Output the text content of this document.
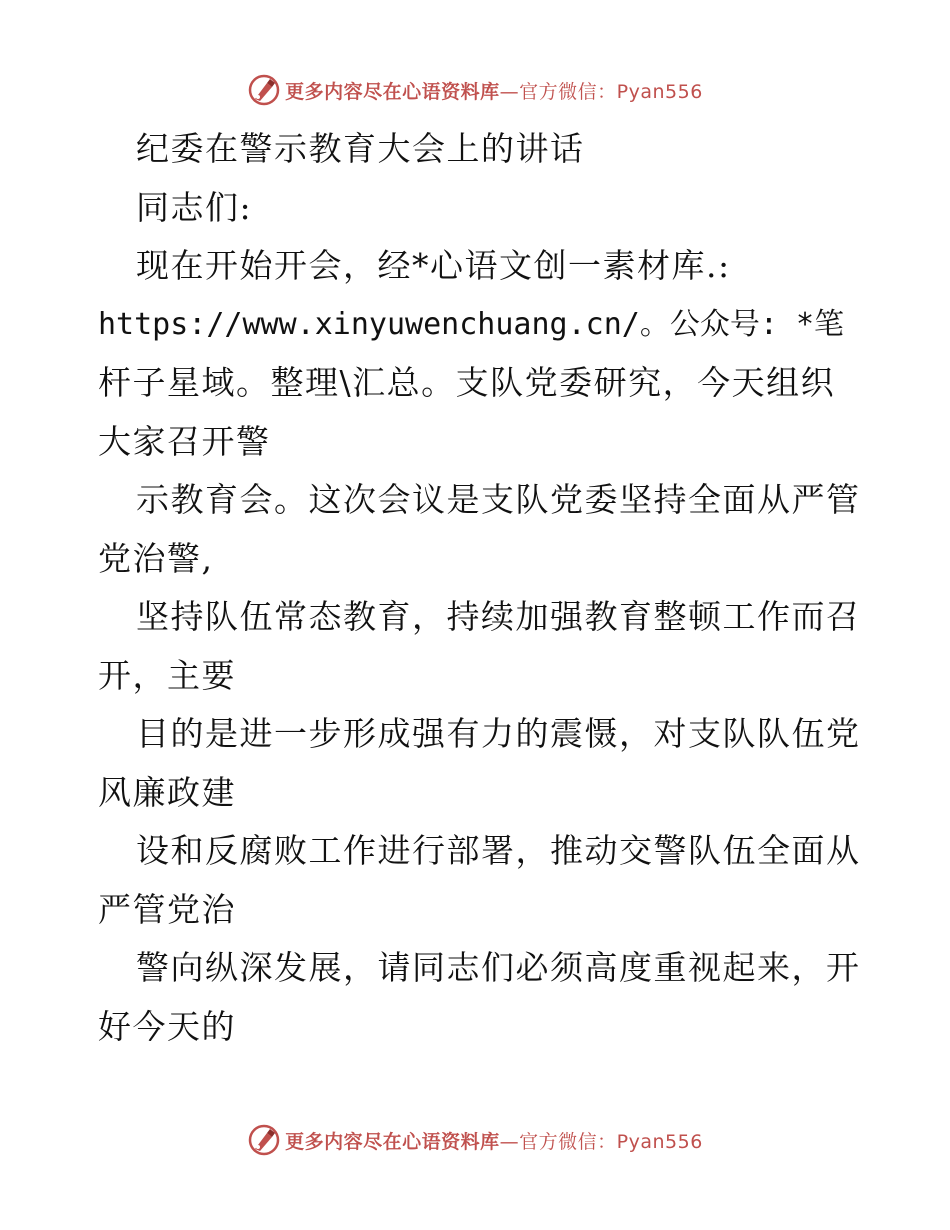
更多内容尽在心语资料库—官方微信：Pyan556
纪委在警示教育大会上的讲话
同志们:
现在开始开会，经*心语文创一素材库.:
https://www.xinyuwenchuang.cn/。公众号: *笔
杆子星域。整理\汇总。支队党委研究，今天组织
大家召开警
示教育会。这次会议是支队党委坚持全面从严管
党治警,
坚持队伍常态教育，持续加强教育整顿工作而召
开，主要
目的是进一步形成强有力的震慑，对支队队伍党
风廉政建
设和反腐败工作进行部署，推动交警队伍全面从
严管党治
警向纵深发展，请同志们必须高度重视起来，开
好今天的
更多内容尽在心语资料库—官方微信：Pyan556
